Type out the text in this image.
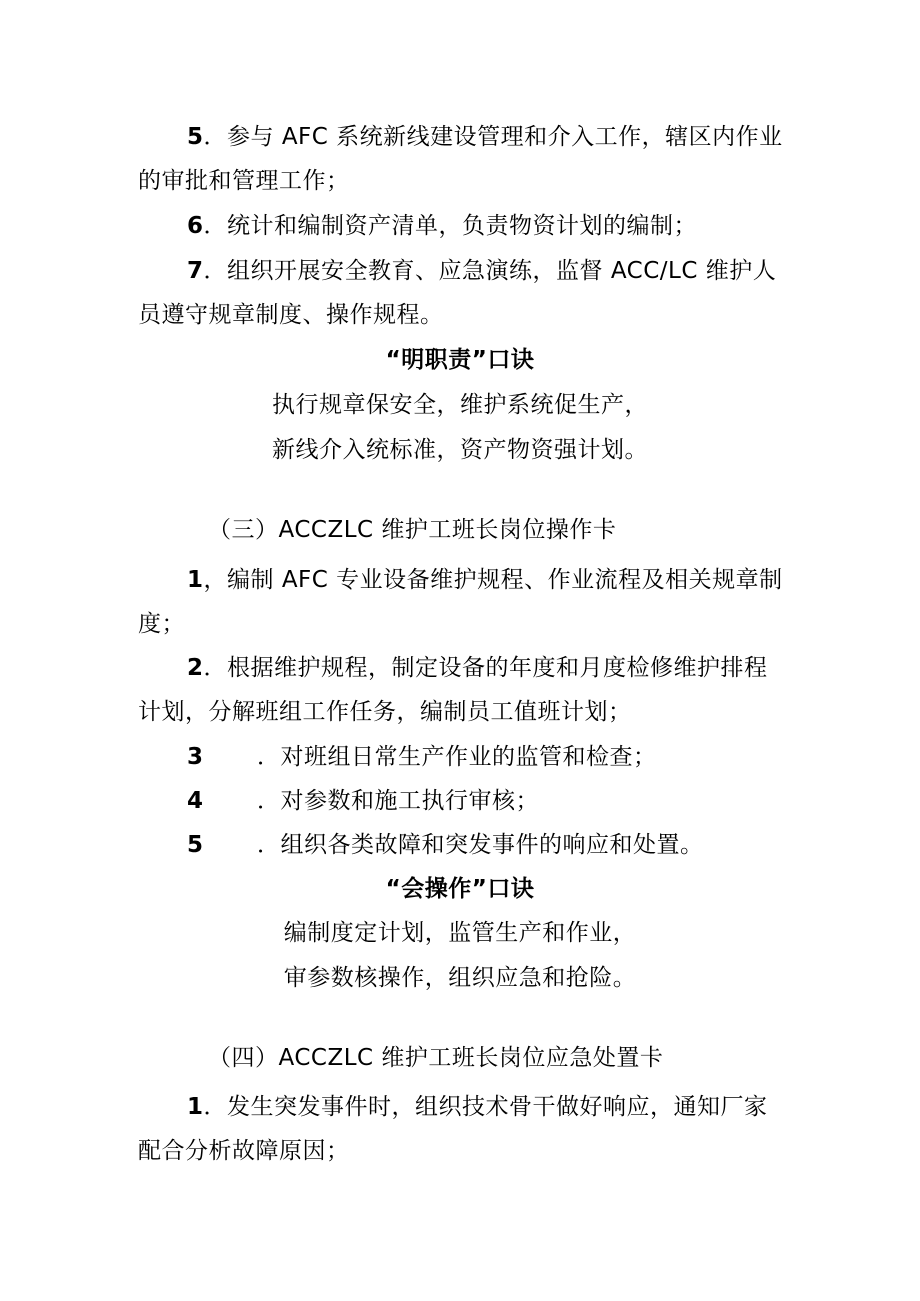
5．参与 AFC 系统新线建设管理和介入工作，辖区内作业
的审批和管理工作；
6．统计和编制资产清单，负责物资计划的编制；
7．组织开展安全教育、应急演练，监督 ACC/LC 维护人
员遵守规章制度、操作规程。
“明职责”口诀
执行规章保安全，维护系统促生产，
新线介入统标准，资产物资强计划。
（三）ACCZLC 维护工班长岗位操作卡
1，编制 AFC 专业设备维护规程、作业流程及相关规章制
度；
2．根据维护规程，制定设备的年度和月度检修维护排程
计划，分解班组工作任务，编制员工值班计划；
3 ．对班组日常生产作业的监管和检查；
4 ．对参数和施工执行审核；
5 ．组织各类故障和突发事件的响应和处置。
“会操作”口诀
编制度定计划，监管生产和作业，
审参数核操作，组织应急和抢险。
（四）ACCZLC 维护工班长岗位应急处置卡
1．发生突发事件时，组织技术骨干做好响应，通知厂家
配合分析故障原因；
